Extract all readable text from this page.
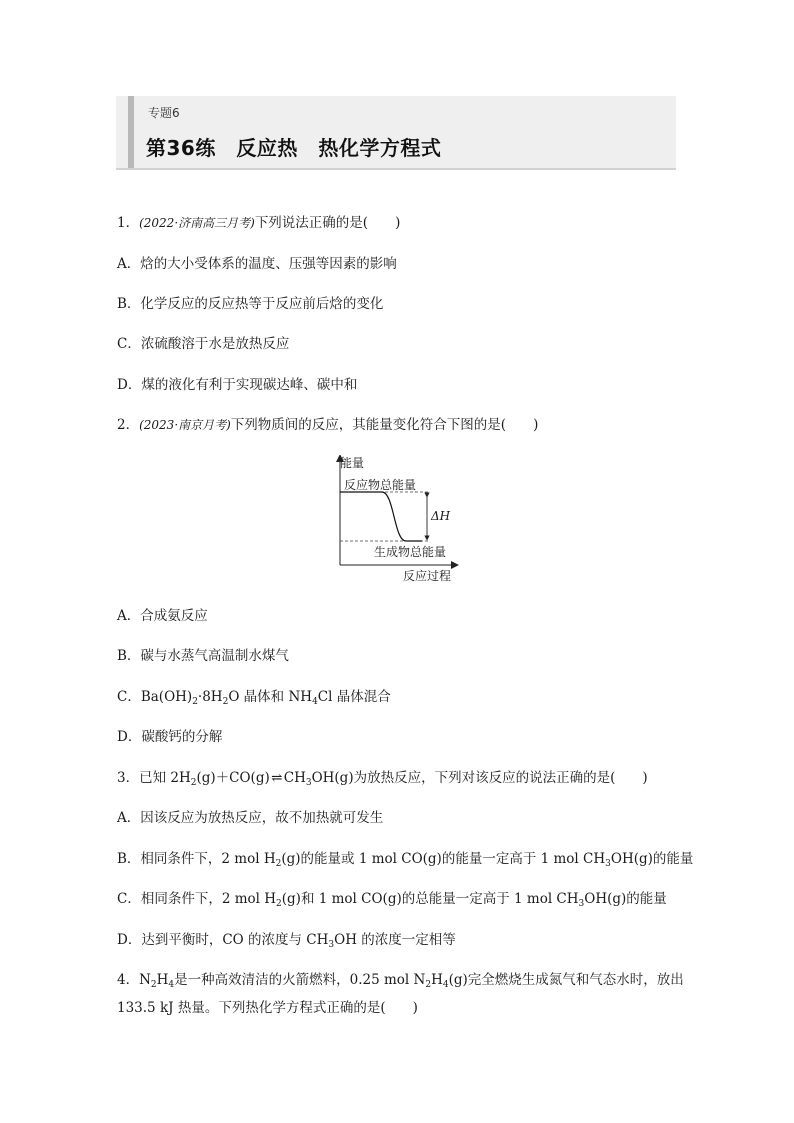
专题6
第36练　反应热　热化学方程式
1．(2022·济南高三月考)下列说法正确的是(　　)
A．焓的大小受体系的温度、压强等因素的影响
B．化学反应的反应热等于反应前后焓的变化
C．浓硫酸溶于水是放热反应
D．煤的液化有利于实现碳达峰、碳中和
2．(2023·南京月考)下列物质间的反应，其能量变化符合下图的是(　　)
能量
反应物总能量
ΔH
生成物总能量
反应过程
A．合成氨反应
B．碳与水蒸气高温制水煤气
C．$Ba(OH)_2\cdot 8H_2O$ 晶体和 $NH_4Cl$ 晶体混合
D．碳酸钙的分解
3．已知 $2H_2(g)+CO(g)\rightleftharpoons CH_3OH(g)$为放热反应，下列对该反应的说法正确的是(　　)
A．因该反应为放热反应，故不加热就可发生
B．相同条件下，2 mol $H_2(g)$的能量或 1 mol CO(g)的能量一定高于 1 mol $CH_3OH(g)$的能量
C．相同条件下，2 mol $H_2(g)$和 1 mol CO(g)的总能量一定高于 1 mol $CH_3OH(g)$的能量
D．达到平衡时，CO 的浓度与 $CH_3OH$ 的浓度一定相等
4．$N_2H_4$是一种高效清洁的火箭燃料，0.25 mol $N_2H_4(g)$完全燃烧生成氮气和气态水时，放出
133.5 kJ 热量。下列热化学方程式正确的是(　　)
